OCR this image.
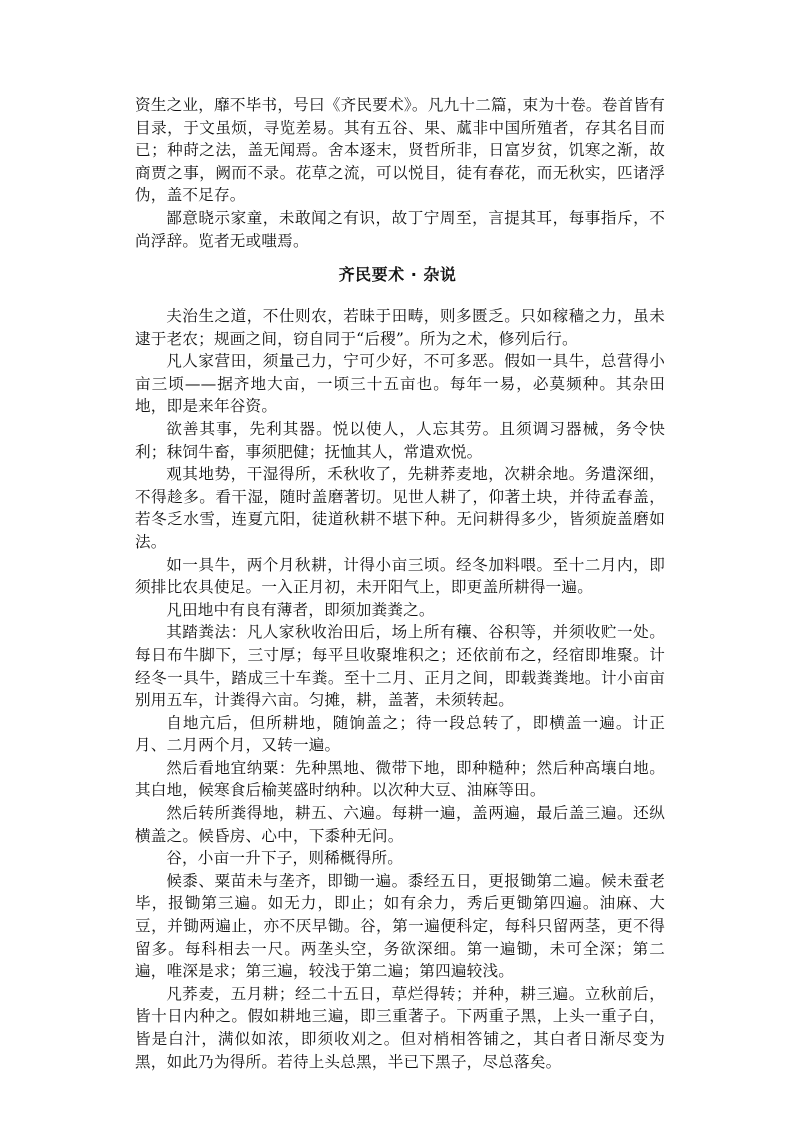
资生之业，靡不毕书，号曰《齐民要术》。凡九十二篇，束为十卷。卷首皆有目录，于文虽烦，寻览差易。其有五谷、果、蓏非中国所殖者，存其名目而已；种莳之法，盖无闻焉。舍本逐末，贤哲所非，日富岁贫，饥寒之渐，故商贾之事，阙而不录。花草之流，可以悦目，徒有春花，而无秋实，匹诸浮伪，盖不足存。

鄙意晓示家童，未敢闻之有识，故丁宁周至，言提其耳，每事指斥，不尚浮辞。览者无或嗤焉。

齐民要术 · 杂说

夫治生之道，不仕则农，若昧于田畴，则多匮乏。只如稼穑之力，虽未逮于老农；规画之间，窃自同于“后稷”。所为之术，修列后行。

凡人家营田，须量己力，宁可少好，不可多恶。假如一具牛，总营得小亩三顷——据齐地大亩，一顷三十五亩也。每年一易，必莫频种。其杂田地，即是来年谷资。

欲善其事，先利其器。悦以使人，人忘其劳。且须调习器械，务令快利；秣饲牛畜，事须肥健；抚恤其人，常遣欢悦。

观其地势，干湿得所，禾秋收了，先耕荞麦地，次耕余地。务遣深细，不得趁多。看干湿，随时盖磨著切。见世人耕了，仰著土块，并待孟春盖，若冬乏水雪，连夏亢阳，徒道秋耕不堪下种。无问耕得多少，皆须旋盖磨如法。

如一具牛，两个月秋耕，计得小亩三顷。经冬加料喂。至十二月内，即须排比农具使足。一入正月初，未开阳气上，即更盖所耕得一遍。

凡田地中有良有薄者，即须加粪粪之。

其踏粪法：凡人家秋收治田后，场上所有穰、谷积等，并须收贮一处。每日布牛脚下，三寸厚；每平旦收聚堆积之；还依前布之，经宿即堆聚。计经冬一具牛，踏成三十车粪。至十二月、正月之间，即载粪粪地。计小亩亩别用五车，计粪得六亩。匀摊，耕，盖著，未须转起。

自地亢后，但所耕地，随饷盖之；待一段总转了，即横盖一遍。计正月、二月两个月，又转一遍。

然后看地宜纳粟：先种黑地、微带下地，即种糙种；然后种高壤白地。其白地，候寒食后榆荚盛时纳种。以次种大豆、油麻等田。

然后转所粪得地，耕五、六遍。每耕一遍，盖两遍，最后盖三遍。还纵横盖之。候昏房、心中，下黍种无问。

谷，小亩一升下子，则稀概得所。

候黍、粟苗未与垄齐，即锄一遍。黍经五日，更报锄第二遍。候未蚕老毕，报锄第三遍。如无力，即止；如有余力，秀后更锄第四遍。油麻、大豆，并锄两遍止，亦不厌早锄。谷，第一遍便科定，每科只留两茎，更不得留多。每科相去一尺。两垄头空，务欲深细。第一遍锄，未可全深；第二遍，唯深是求；第三遍，较浅于第二遍；第四遍较浅。

凡荞麦，五月耕；经二十五日，草烂得转；并种，耕三遍。立秋前后，皆十日内种之。假如耕地三遍，即三重著子。下两重子黑，上头一重子白，皆是白汁，满似如浓，即须收刈之。但对梢相答铺之，其白者日渐尽变为黑，如此乃为得所。若待上头总黑，半已下黑子，尽总落矣。
